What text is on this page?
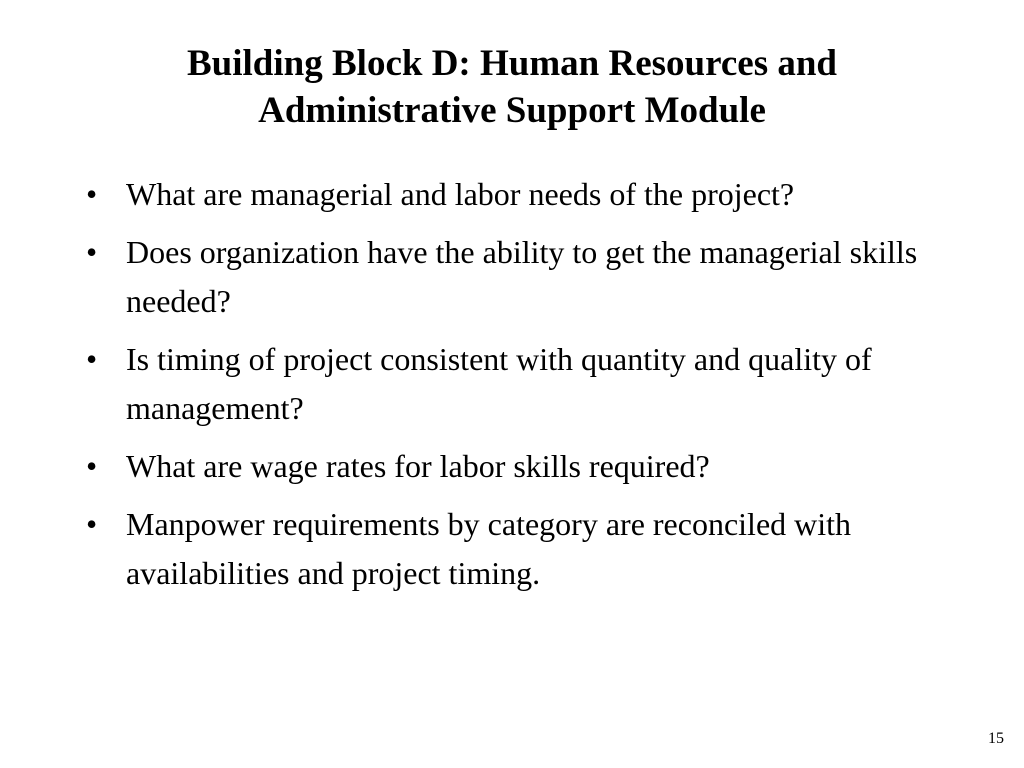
Building Block D: Human Resources and
Administrative Support Module
• What are managerial and labor needs of the project?
• Does organization have the ability to get the managerial skills needed?
• Is timing of project consistent with quantity and quality of management?
• What are wage rates for labor skills required?
• Manpower requirements by category are reconciled with availabilities and project timing.
15
